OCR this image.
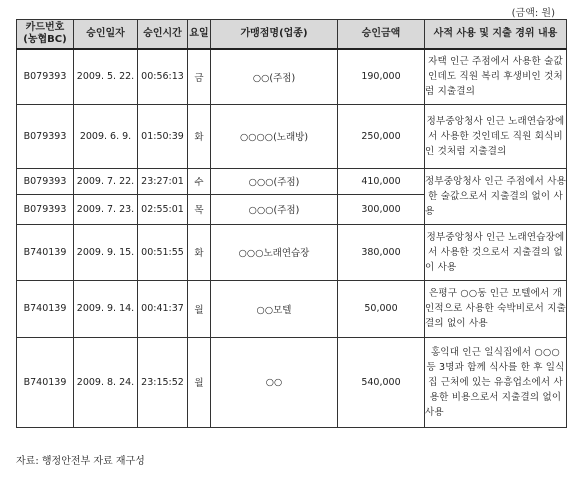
(금액: 원)
카드번호
(농협BC)	승인일자	승인시간	요일	가맹점명(업종)	승인금액	사적 사용 및 지출 경위 내용
B079393	2009. 5. 22.	00:56:13	금	○○(주점)	190,000	자택 인근 주점에서 사용한 술값인데도 직원 복리 후생비인 것처럼 지출결의
B079393	2009. 6. 9.	01:50:39	화	○○○○(노래방)	250,000	정부중앙청사 인근 노래연습장에서 사용한 것인데도 직원 회식비인 것처럼 지출결의
B079393	2009. 7. 22.	23:27:01	수	○○○(주점)	410,000	정부중앙청사 인근 주점에서 사용한 술값으로서 지출결의 없이 사용
B079393	2009. 7. 23.	02:55:01	목	○○○(주점)	300,000	
B740139	2009. 9. 15.	00:51:55	화	○○○노래연습장	380,000	정부중앙청사 인근 노래연습장에서 사용한 것으로서 지출결의 없이 사용
B740139	2009. 9. 14.	00:41:37	월	○○모텔	50,000	은평구 ○○동 인근 모텔에서 개인적으로 사용한 숙박비로서 지출결의 없이 사용
B740139	2009. 8. 24.	23:15:52	월	○○	540,000	홍익대 인근 일식집에서 ○○○ 등 3명과 함께 식사를 한 후 일식집 근처에 있는 유흥업소에서 사용한 비용으로서 지출결의 없이 사용
자료: 행정안전부 자료 재구성
